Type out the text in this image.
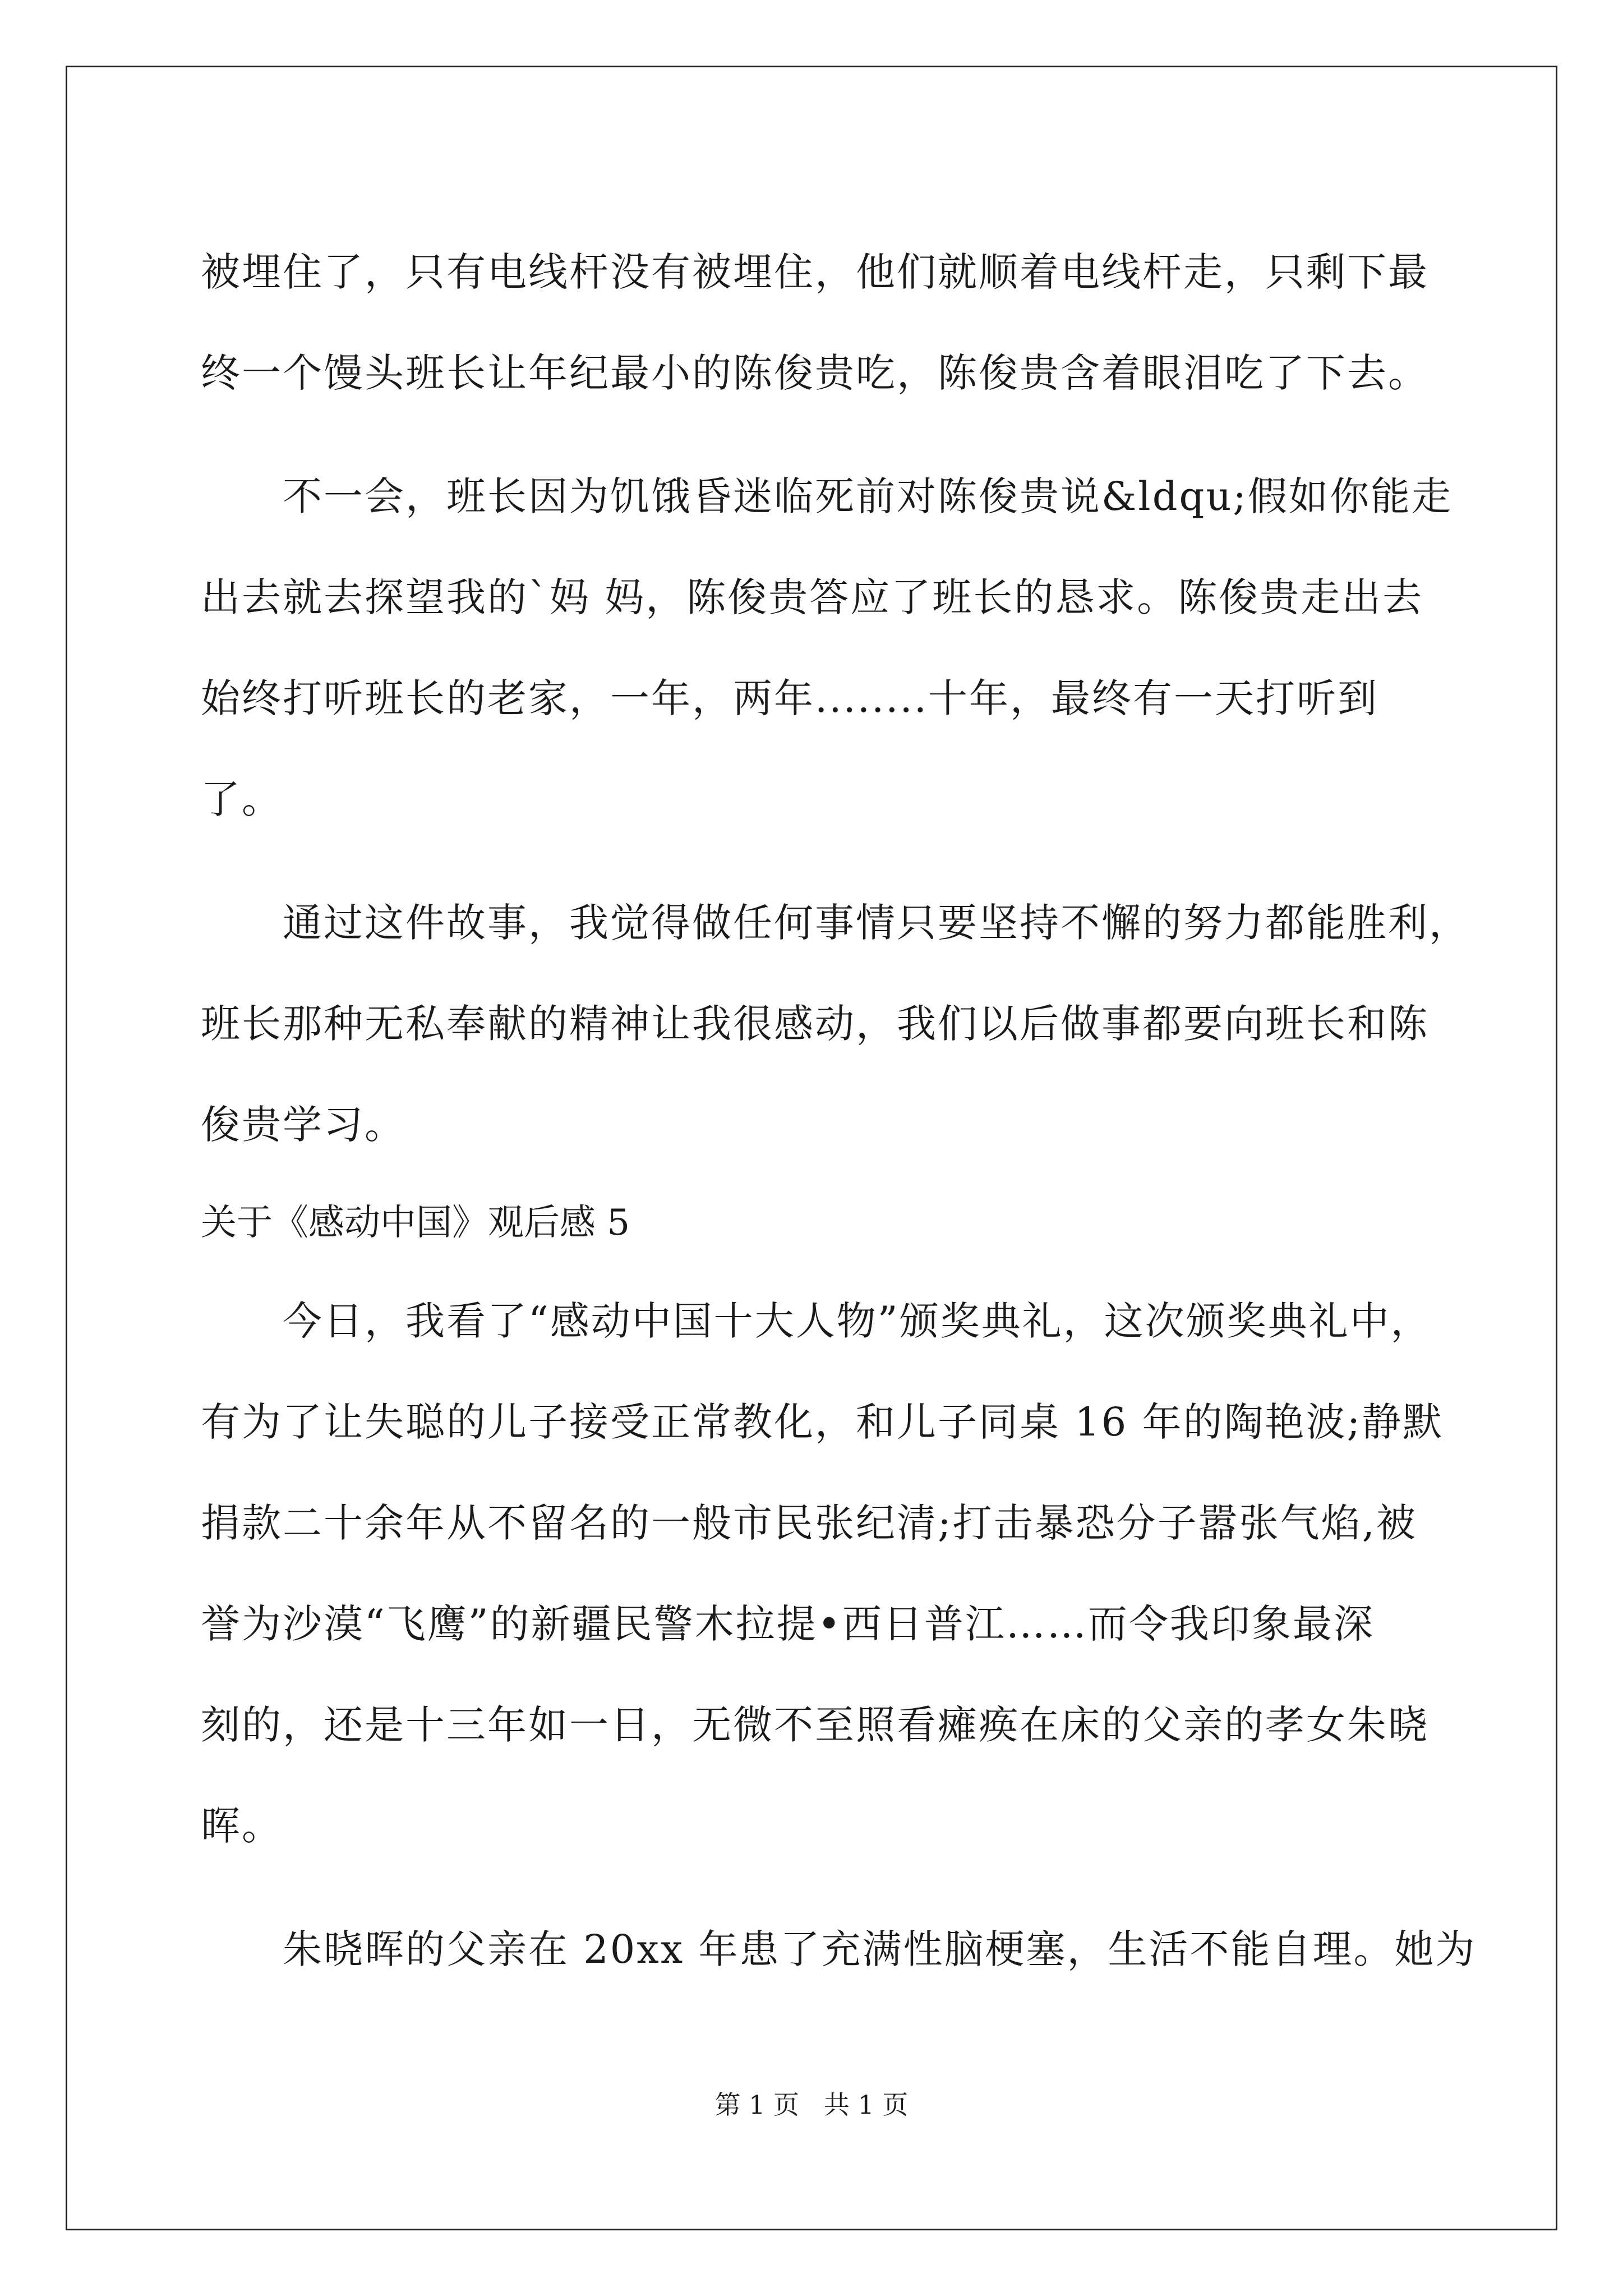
被埋住了，只有电线杆没有被埋住，他们就顺着电线杆走，只剩下最
终一个馒头班长让年纪最小的陈俊贵吃，陈俊贵含着眼泪吃了下去。
不一会，班长因为饥饿昏迷临死前对陈俊贵说&ldqu;假如你能走
出去就去探望我的`妈 妈，陈俊贵答应了班长的恳求。陈俊贵走出去
始终打听班长的老家，一年，两年........十年，最终有一天打听到
了。
通过这件故事，我觉得做任何事情只要坚持不懈的努力都能胜利，
班长那种无私奉献的精神让我很感动，我们以后做事都要向班长和陈
俊贵学习。
关于《感动中国》观后感 5
今日，我看了“感动中国十大人物”颁奖典礼，这次颁奖典礼中，
有为了让失聪的儿子接受正常教化，和儿子同桌 16 年的陶艳波;静默
捐款二十余年从不留名的一般市民张纪清;打击暴恐分子嚣张气焰,被
誉为沙漠“飞鹰”的新疆民警木拉提•西日普江……而令我印象最深
刻的，还是十三年如一日，无微不至照看瘫痪在床的父亲的孝女朱晓
晖。
朱晓晖的父亲在 20xx 年患了充满性脑梗塞，生活不能自理。她为
第 1 页   共 1 页
